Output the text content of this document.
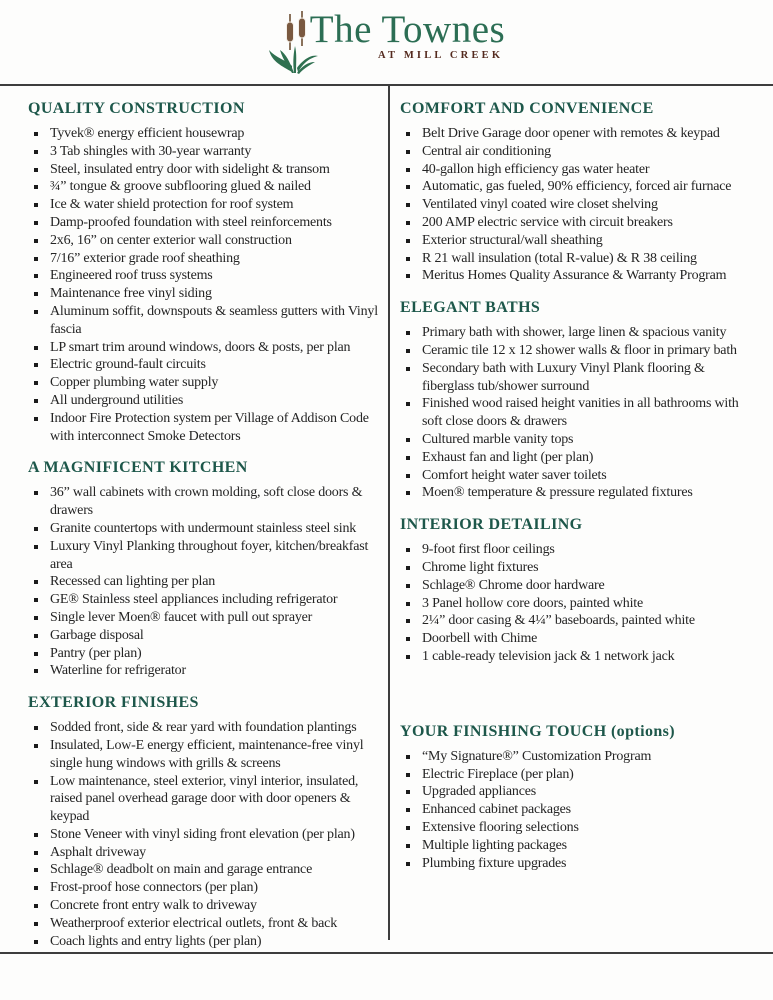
The Townes
AT MILL CREEK
QUALITY CONSTRUCTION
Tyvek® energy efficient housewrap
3 Tab shingles with 30-year warranty
Steel, insulated entry door with sidelight & transom
¾” tongue & groove subflooring glued & nailed
Ice & water shield protection for roof system
Damp-proofed foundation with steel reinforcements
2x6, 16” on center exterior wall construction
7/16” exterior grade roof sheathing
Engineered roof truss systems
Maintenance free vinyl siding
Aluminum soffit, downspouts & seamless gutters with Vinyl fascia
LP smart trim around windows, doors & posts, per plan
Electric ground-fault circuits
Copper plumbing water supply
All underground utilities
Indoor Fire Protection system per Village of Addison Code with interconnect Smoke Detectors
A MAGNIFICENT KITCHEN
36” wall cabinets with crown molding, soft close doors & drawers
Granite countertops with undermount stainless steel sink
Luxury Vinyl Planking throughout foyer, kitchen/breakfast area
Recessed can lighting per plan
GE® Stainless steel appliances including refrigerator
Single lever Moen® faucet with pull out sprayer
Garbage disposal
Pantry (per plan)
Waterline for refrigerator
EXTERIOR FINISHES
Sodded front, side & rear yard with foundation plantings
Insulated, Low-E energy efficient, maintenance-free vinyl single hung windows with grills & screens
Low maintenance, steel exterior, vinyl interior, insulated, raised panel overhead garage door with door openers & keypad
Stone Veneer with vinyl siding front elevation (per plan)
Asphalt driveway
Schlage® deadbolt on main and garage entrance
Frost-proof hose connectors (per plan)
Concrete front entry walk to driveway
Weatherproof exterior electrical outlets, front & back
Coach lights and entry lights (per plan)
COMFORT AND CONVENIENCE
Belt Drive Garage door opener with remotes & keypad
Central air conditioning
40-gallon high efficiency gas water heater
Automatic, gas fueled, 90% efficiency, forced air furnace
Ventilated vinyl coated wire closet shelving
200 AMP electric service with circuit breakers
Exterior structural/wall sheathing
R 21 wall insulation (total R-value) & R 38 ceiling
Meritus Homes Quality Assurance & Warranty Program
ELEGANT BATHS
Primary bath with shower, large linen & spacious vanity
Ceramic tile 12 x 12 shower walls & floor in primary bath
Secondary bath with Luxury Vinyl Plank flooring & fiberglass tub/shower surround
Finished wood raised height vanities in all bathrooms with soft close doors & drawers
Cultured marble vanity tops
Exhaust fan and light (per plan)
Comfort height water saver toilets
Moen® temperature & pressure regulated fixtures
INTERIOR DETAILING
9-foot first floor ceilings
Chrome light fixtures
Schlage® Chrome door hardware
3 Panel hollow core doors, painted white
2¼” door casing & 4¼” baseboards, painted white
Doorbell with Chime
1 cable-ready television jack & 1 network jack
YOUR FINISHING TOUCH (options)
“My Signature®” Customization Program
Electric Fireplace (per plan)
Upgraded appliances
Enhanced cabinet packages
Extensive flooring selections
Multiple lighting packages
Plumbing fixture upgrades
